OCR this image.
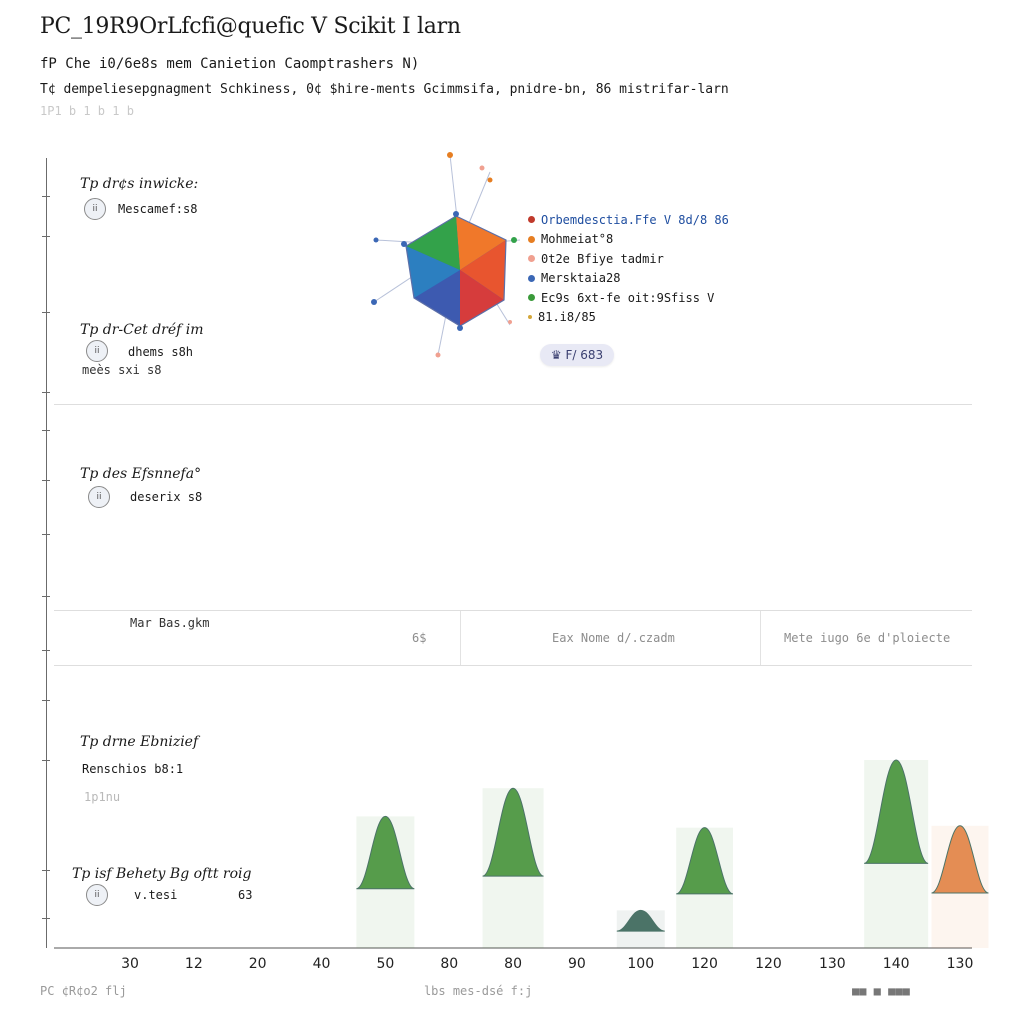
PC_19R9OrLfcfi@quefic V Scikit I larn
fP Che i0/6e8s mem Canietion Caomptrashers N)
T¢ dempeliesepgnagment Schkiness, 0¢ $hire-ments Gcimmsifa, pnidre-bn, 86 mistrifar-larn
1P1 b 1 b 1 b
Tp dr¢s inwicke:
ii	Mescamef:s8
Tp dr-Cet dréf im
ii	dhems s8h
meès sxi s8
Orbemdesctia.Ffe V 8d/8 86
Mohmeiat°8
0t2e Bfiye tadmir
Mersktaia28
Ec9s 6xt-fe oit:9Sfiss V
81.i8/85
♛ F/ 683
Tp des Efsnnefa°
ii	deserix s8
Mar Bas.gkm
6$	Eax Nome d/.czadm	Mete iugo 6e d'ploiecte
Tp drne Ebnizief
Renschios b8:1
1p1nu
30	12	20	40	50	80	80	90	100	120	120	130	140	130
Tp isf Behety Bg oftt roig
ii	v.tesi	63
PC ¢R¢o2 flj	lbs mes-dsé f:j	■■ ■ ■■■
